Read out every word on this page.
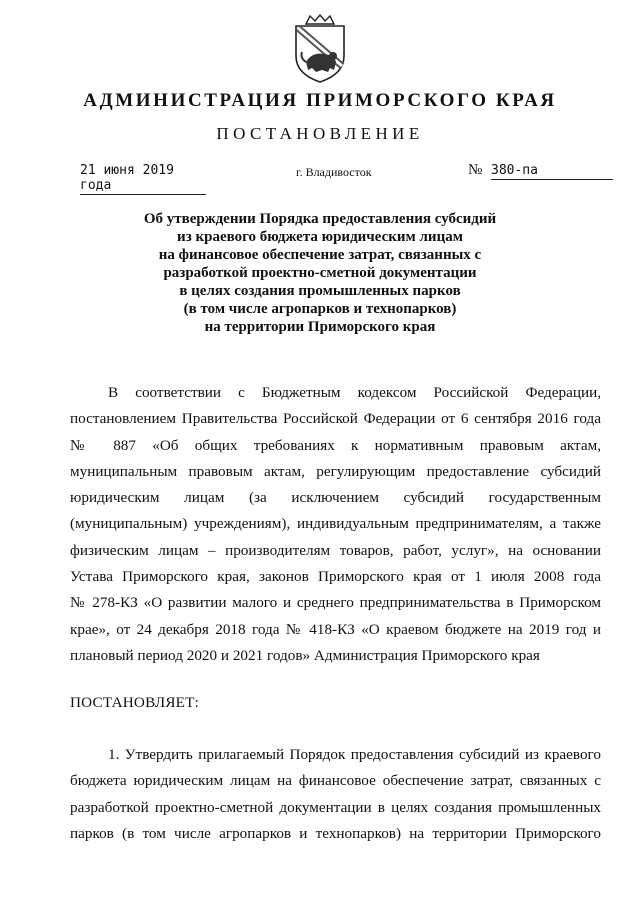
АДМИНИСТРАЦИЯ ПРИМОРСКОГО КРАЯ
ПОСТАНОВЛЕНИЕ
21 июня 2019 года
г. Владивосток	№ 380-па
Об утверждении Порядка предоставления субсидий
из краевого бюджета юридическим лицам
на финансовое обеспечение затрат, связанных с
разработкой проектно-сметной документации
в целях создания промышленных парков
(в том числе агропарков и технопарков)
на территории Приморского края
В соответствии с Бюджетным кодексом Российской Федерации,
постановлением Правительства Российской Федерации от 6 сентября 2016 года
№ 887 «Об общих требованиях к нормативным правовым актам,
муниципальным правовым актам, регулирующим предоставление субсидий
юридическим лицам (за исключением субсидий государственным
(муниципальным) учреждениям), индивидуальным предпринимателям, а также
физическим лицам – производителям товаров, работ, услуг», на основании
Устава Приморского края, законов Приморского края от 1 июля 2008 года
№ 278-КЗ «О развитии малого и среднего предпринимательства в Приморском
крае», от 24 декабря 2018 года № 418-КЗ «О краевом бюджете на 2019 год и
плановый период 2020 и 2021 годов» Администрация Приморского края
ПОСТАНОВЛЯЕТ:
1. Утвердить прилагаемый Порядок предоставления субсидий из краевого
бюджета юридическим лицам на финансовое обеспечение затрат, связанных с
разработкой проектно-сметной документации в целях создания промышленных
парков (в том числе агропарков и технопарков) на территории Приморского
